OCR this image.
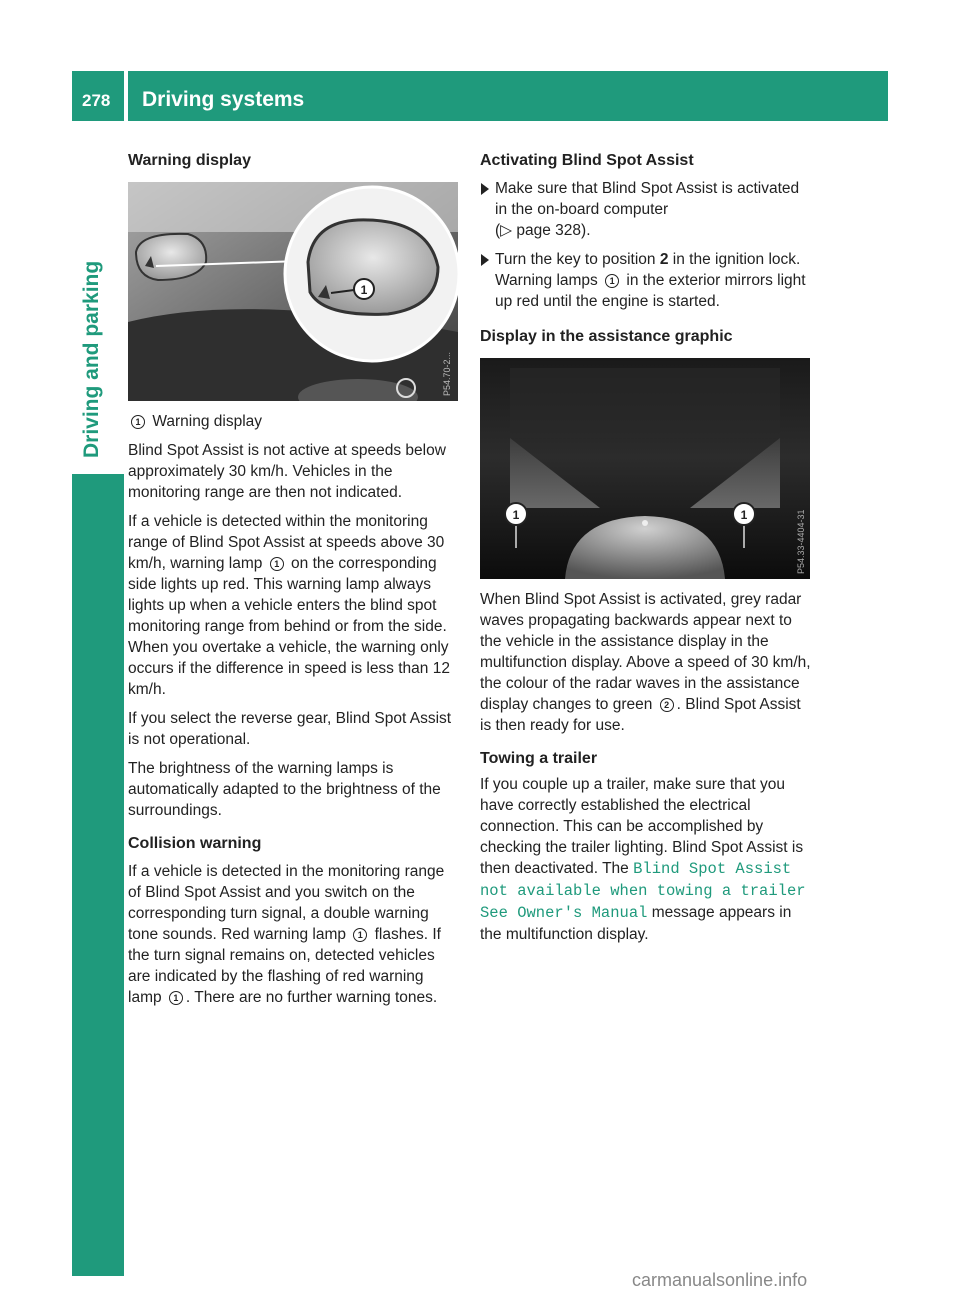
278 Driving systems
Driving and parking
Warning display
1
P54.70-2...
1 Warning display

Blind Spot Assist is not active at speeds below approximately 30 km/h. Vehicles in the monitoring range are then not indicated.

If a vehicle is detected within the monitoring range of Blind Spot Assist at speeds above 30 km/h, warning lamp 1 on the corresponding side lights up red. This warning lamp always lights up when a vehicle enters the blind spot monitoring range from behind or from the side. When you overtake a vehicle, the warning only occurs if the difference in speed is less than 12 km/h.

If you select the reverse gear, Blind Spot Assist is not operational.

The brightness of the warning lamps is automatically adapted to the brightness of the surroundings.

Collision warning

If a vehicle is detected in the monitoring range of Blind Spot Assist and you switch on the corresponding turn signal, a double warning tone sounds. Red warning lamp 1 flashes. If the turn signal remains on, detected vehicles are indicated by the flashing of red warning lamp 1 . There are no further warning tones.

Activating Blind Spot Assist

Make sure that Blind Spot Assist is activated in the on-board computer
(▷ page 328).

Turn the key to position 2 in the ignition lock.
Warning lamps 1 in the exterior mirrors light up red until the engine is started.

Display in the assistance graphic
1	1	P54.33-4404-31

When Blind Spot Assist is activated, grey radar waves propagating backwards appear next to the vehicle in the assistance display in the multifunction display. Above a speed of 30 km/h, the colour of the radar waves in the assistance display changes to green 2 . Blind Spot Assist is then ready for use.

Towing a trailer

If you couple up a trailer, make sure that you have correctly established the electrical connection. This can be accomplished by checking the trailer lighting. Blind Spot Assist is then deactivated. The Blind Spot Assist not available when towing a trailer See Owner's Manual message appears in the multifunction display.

carmanualsonline.info
